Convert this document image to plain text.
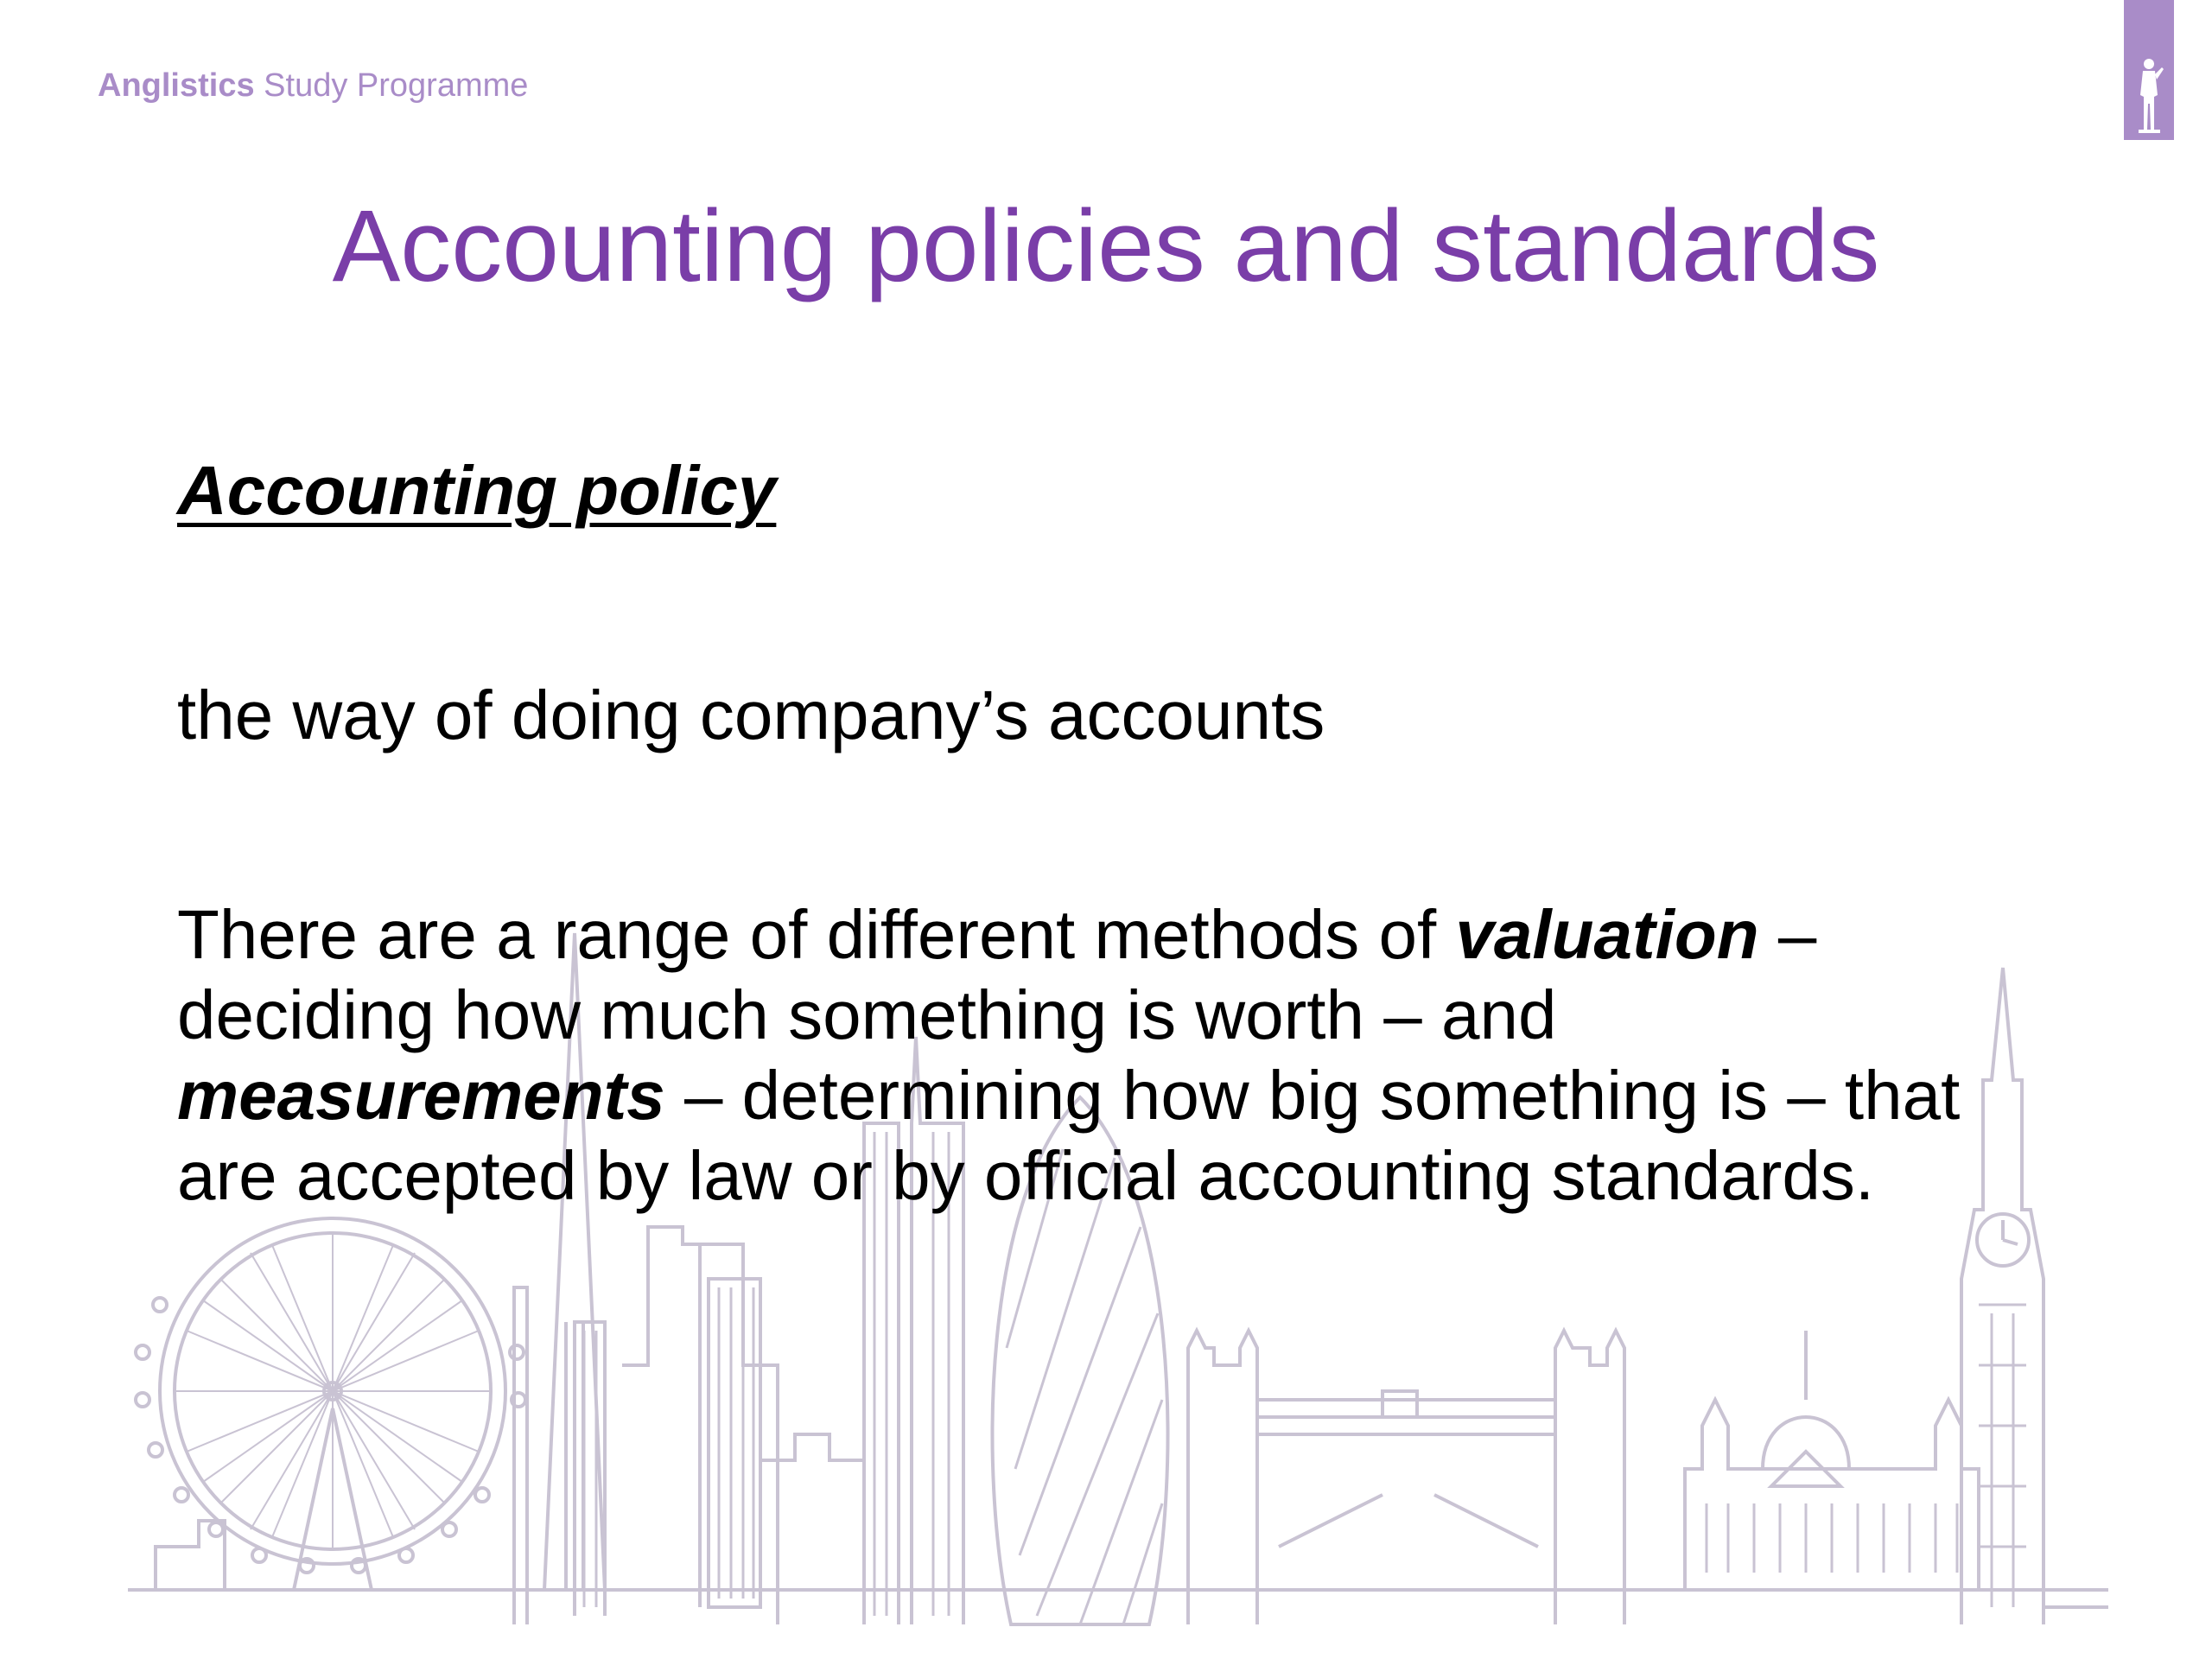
Anglistics Study Programme
Accounting policies and standards
Accounting policy
the way of doing company’s accounts
There are a range of different methods of valuation – deciding how much something is worth – and measurements – determining how big something is – that are accepted by law or by official accounting standards.
